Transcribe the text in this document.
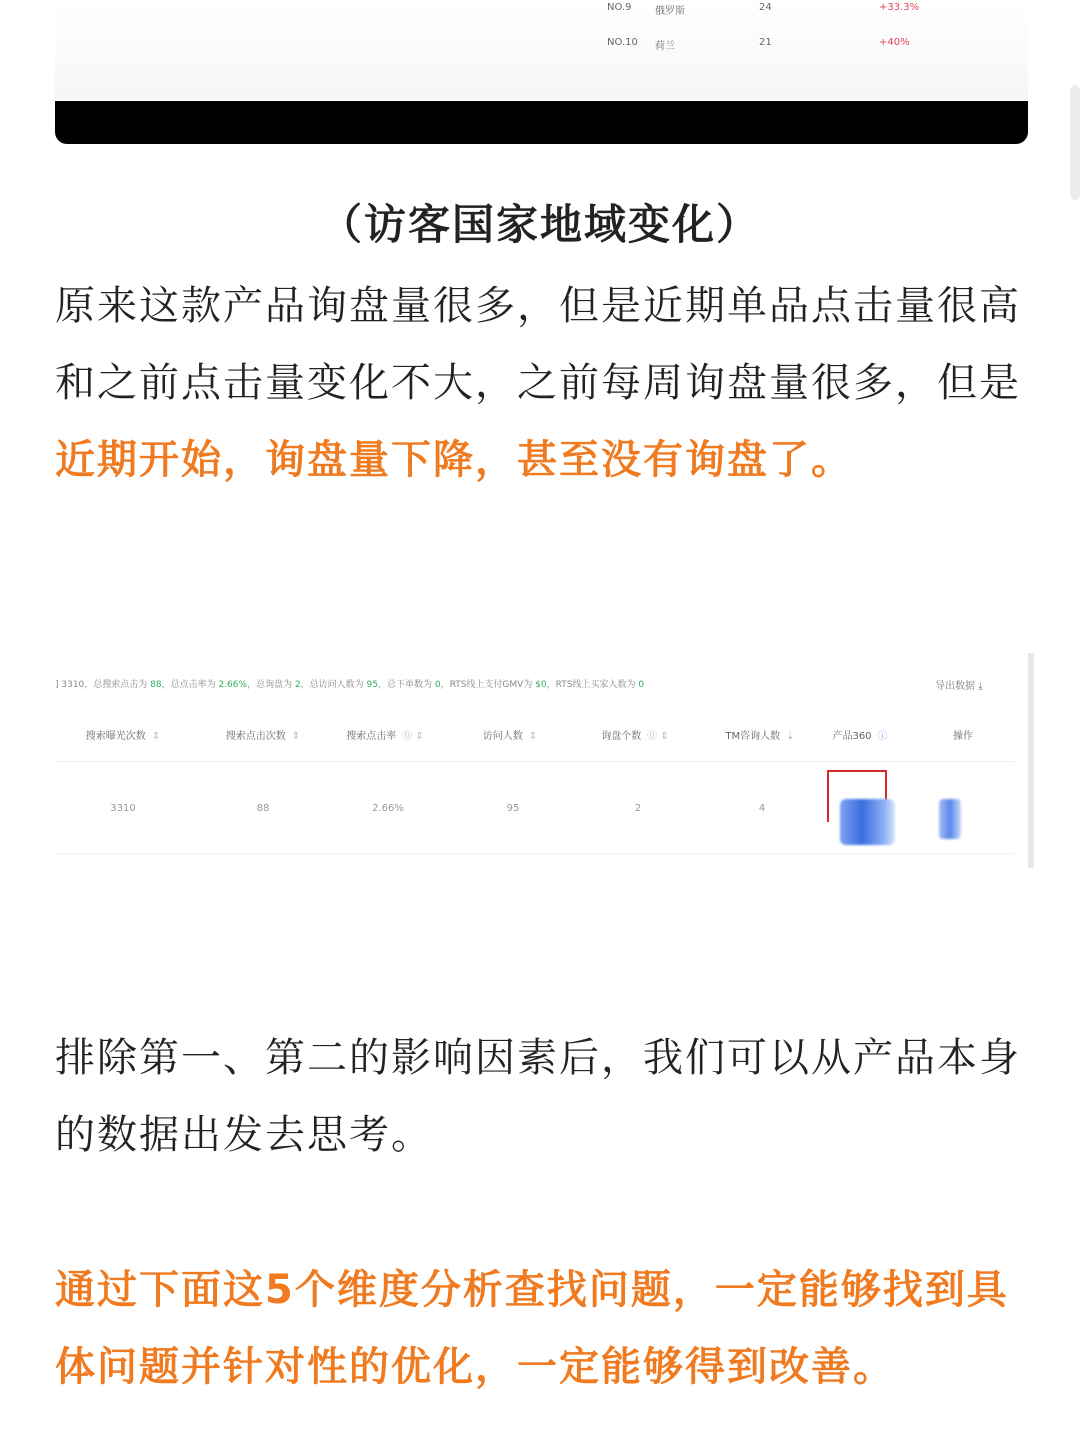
NO.9 俄罗斯	24	+33.3%
NO.10 荷兰	21	+40%
（访客国家地域变化）
原来这款产品询盘量很多，但是近期单品点击量很高和之前点击量变化不大，之前每周询盘量很多，但是近期开始，询盘量下降，甚至没有询盘了。
] 3310，总搜索点击为 88，总点击率为 2.66%，总询盘为 2，总访问人数为 95，总下单数为 0，RTS线上支付GMV为 $0，RTS线上买家人数为 0	导出数据 ⤓
搜索曝光次数 ⇕	搜索点击次数 ⇕	搜索点击率 ⓪ ⇕	访问人数 ⇕	询盘个数 ⓪ ⇕	TM咨询人数 ⇣	产品360 ⓘ	操作
3310	88	2.66%	95	2	4
排除第一、第二的影响因素后，我们可以从产品本身的数据出发去思考。
通过下面这5个维度分析查找问题，一定能够找到具体问题并针对性的优化，一定能够得到改善。
